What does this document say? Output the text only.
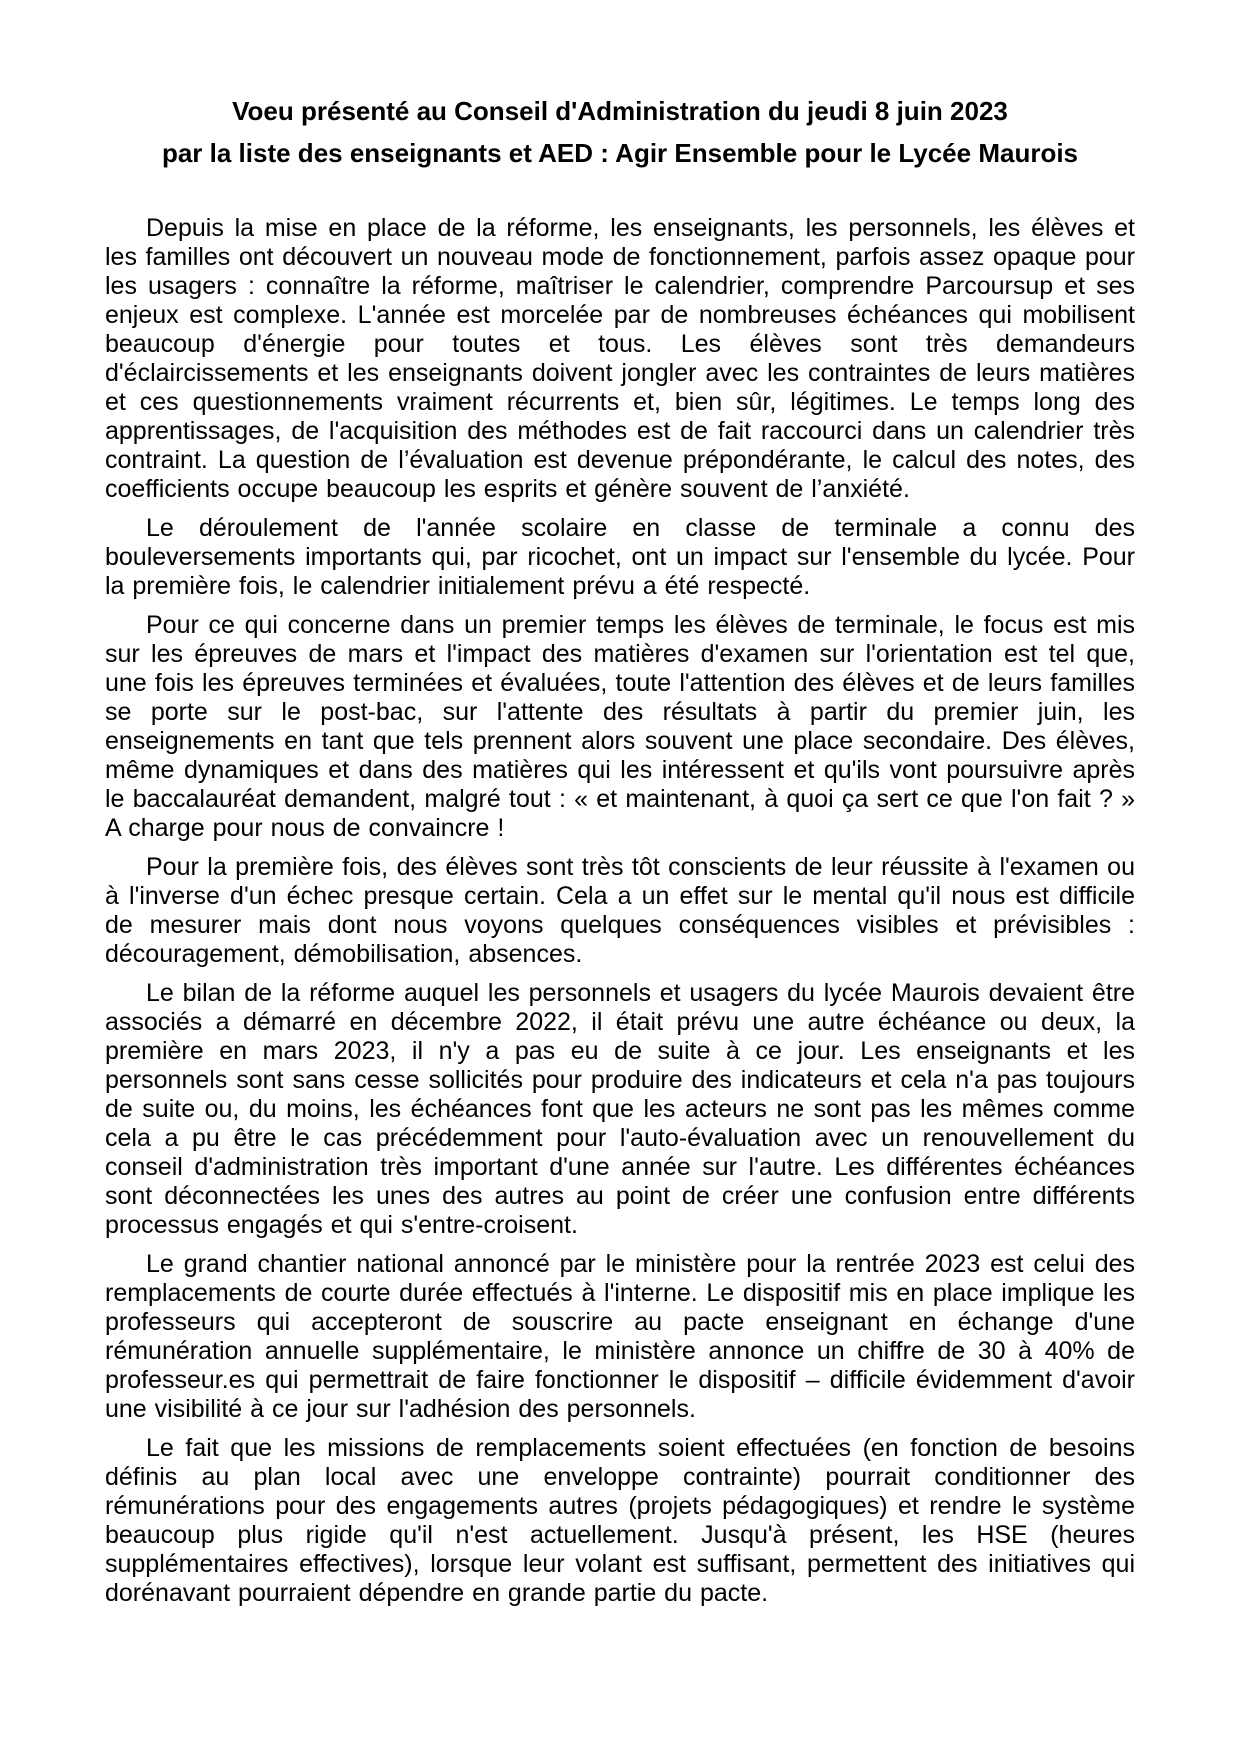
Voeu présenté au Conseil d'Administration du jeudi 8 juin 2023
par la liste des enseignants et AED : Agir Ensemble pour le Lycée Maurois

Depuis la mise en place de la réforme, les enseignants, les personnels, les élèves et les familles ont découvert un nouveau mode de fonctionnement, parfois assez opaque pour les usagers : connaître la réforme, maîtriser le calendrier, comprendre Parcoursup et ses enjeux est complexe. L'année est morcelée par de nombreuses échéances qui mobilisent beaucoup d'énergie pour toutes et tous. Les élèves sont très demandeurs d'éclaircissements et les enseignants doivent jongler avec les contraintes de leurs matières et ces questionnements vraiment récurrents et, bien sûr, légitimes. Le temps long des apprentissages, de l'acquisition des méthodes est de fait raccourci dans un calendrier très contraint. La question de l’évaluation est devenue prépondérante, le calcul des notes, des coefficients occupe beaucoup les esprits et génère souvent de l’anxiété.

Le déroulement de l'année scolaire en classe de terminale a connu des bouleversements importants qui, par ricochet, ont un impact sur l'ensemble du lycée. Pour la première fois, le calendrier initialement prévu a été respecté.

Pour ce qui concerne dans un premier temps les élèves de terminale, le focus est mis sur les épreuves de mars et l'impact des matières d'examen sur l'orientation est tel que, une fois les épreuves terminées et évaluées, toute l'attention des élèves et de leurs familles se porte sur le post-bac, sur l'attente des résultats à partir du premier juin, les enseignements en tant que tels prennent alors souvent une place secondaire. Des élèves, même dynamiques et dans des matières qui les intéressent et qu'ils vont poursuivre après le baccalauréat demandent, malgré tout : « et maintenant, à quoi ça sert ce que l'on fait ? » A charge pour nous de convaincre !

Pour la première fois, des élèves sont très tôt conscients de leur réussite à l'examen ou à l'inverse d'un échec presque certain. Cela a un effet sur le mental qu'il nous est difficile de mesurer mais dont nous voyons quelques conséquences visibles et prévisibles : découragement, démobilisation, absences.

Le bilan de la réforme auquel les personnels et usagers du lycée Maurois devaient être associés a démarré en décembre 2022, il était prévu une autre échéance ou deux, la première en mars 2023, il n'y a pas eu de suite à ce jour. Les enseignants et les personnels sont sans cesse sollicités pour produire des indicateurs et cela n'a pas toujours de suite ou, du moins, les échéances font que les acteurs ne sont pas les mêmes comme cela a pu être le cas précédemment pour l'auto-évaluation avec un renouvellement du conseil d'administration très important d'une année sur l'autre. Les différentes échéances sont déconnectées les unes des autres au point de créer une confusion entre différents processus engagés et qui s'entre-croisent.

Le grand chantier national annoncé par le ministère pour la rentrée 2023 est celui des remplacements de courte durée effectués à l'interne. Le dispositif mis en place implique les professeurs qui accepteront de souscrire au pacte enseignant en échange d'une rémunération annuelle supplémentaire, le ministère annonce un chiffre de 30 à 40% de professeur.es qui permettrait de faire fonctionner le dispositif – difficile évidemment d'avoir une visibilité à ce jour sur l'adhésion des personnels.

Le fait que les missions de remplacements soient effectuées (en fonction de besoins définis au plan local avec une enveloppe contrainte) pourrait conditionner des rémunérations pour des engagements autres (projets pédagogiques) et rendre le système beaucoup plus rigide qu'il n'est actuellement. Jusqu'à présent, les HSE (heures supplémentaires effectives), lorsque leur volant est suffisant, permettent des initiatives qui dorénavant pourraient dépendre en grande partie du pacte.
